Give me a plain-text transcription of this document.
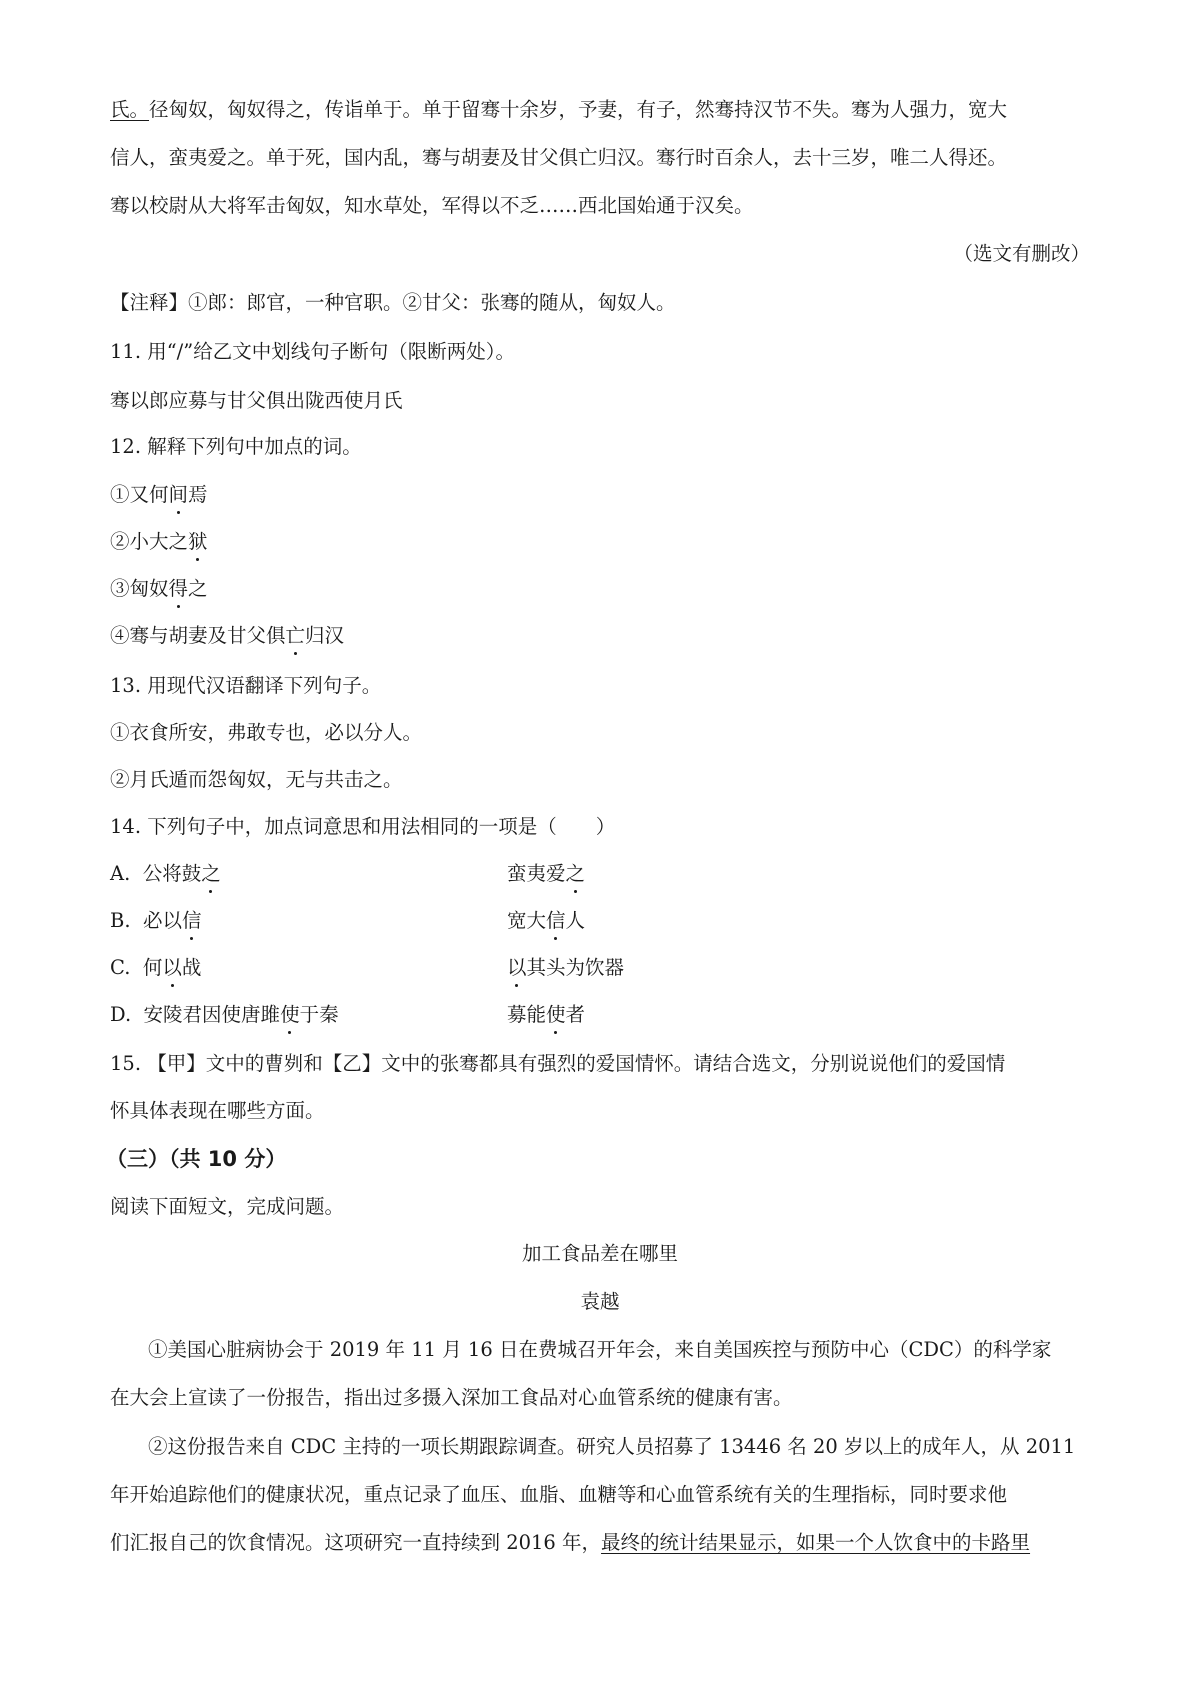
氏。径匈奴，匈奴得之，传诣单于。单于留骞十余岁，予妻，有子，然骞持汉节不失。骞为人强力，宽大
信人，蛮夷爱之。单于死，国内乱，骞与胡妻及甘父俱亡归汉。骞行时百余人，去十三岁，唯二人得还。
骞以校尉从大将军击匈奴，知水草处，军得以不乏……西北国始通于汉矣。
（选文有删改）
【注释】①郎：郎官，一种官职。②甘父：张骞的随从，匈奴人。
11. 用“/”给乙文中划线句子断句（限断两处）。
骞以郎应募与甘父俱出陇西使月氏
12. 解释下列句中加点的词。
①又何间焉
②小大之狱
③匈奴得之
④骞与胡妻及甘父俱亡归汉
13. 用现代汉语翻译下列句子。
①衣食所安，弗敢专也，必以分人。
②月氏遁而怨匈奴，无与共击之。
14. 下列句子中，加点词意思和用法相同的一项是（　　）
A. 公将鼓之	蛮夷爱之
B. 必以信	宽大信人
C. 何以战	以其头为饮器
D. 安陵君因使唐雎使于秦	募能使者
15. 【甲】文中的曹刿和【乙】文中的张骞都具有强烈的爱国情怀。请结合选文，分别说说他们的爱国情
怀具体表现在哪些方面。
（三）（共 10 分）
阅读下面短文，完成问题。
加工食品差在哪里
袁越
①美国心脏病协会于 2019 年 11 月 16 日在费城召开年会，来自美国疾控与预防中心（CDC）的科学家
在大会上宣读了一份报告，指出过多摄入深加工食品对心血管系统的健康有害。
②这份报告来自 CDC 主持的一项长期跟踪调查。研究人员招募了 13446 名 20 岁以上的成年人，从 2011
年开始追踪他们的健康状况，重点记录了血压、血脂、血糖等和心血管系统有关的生理指标，同时要求他
们汇报自己的饮食情况。这项研究一直持续到 2016 年，最终的统计结果显示，如果一个人饮食中的卡路里
